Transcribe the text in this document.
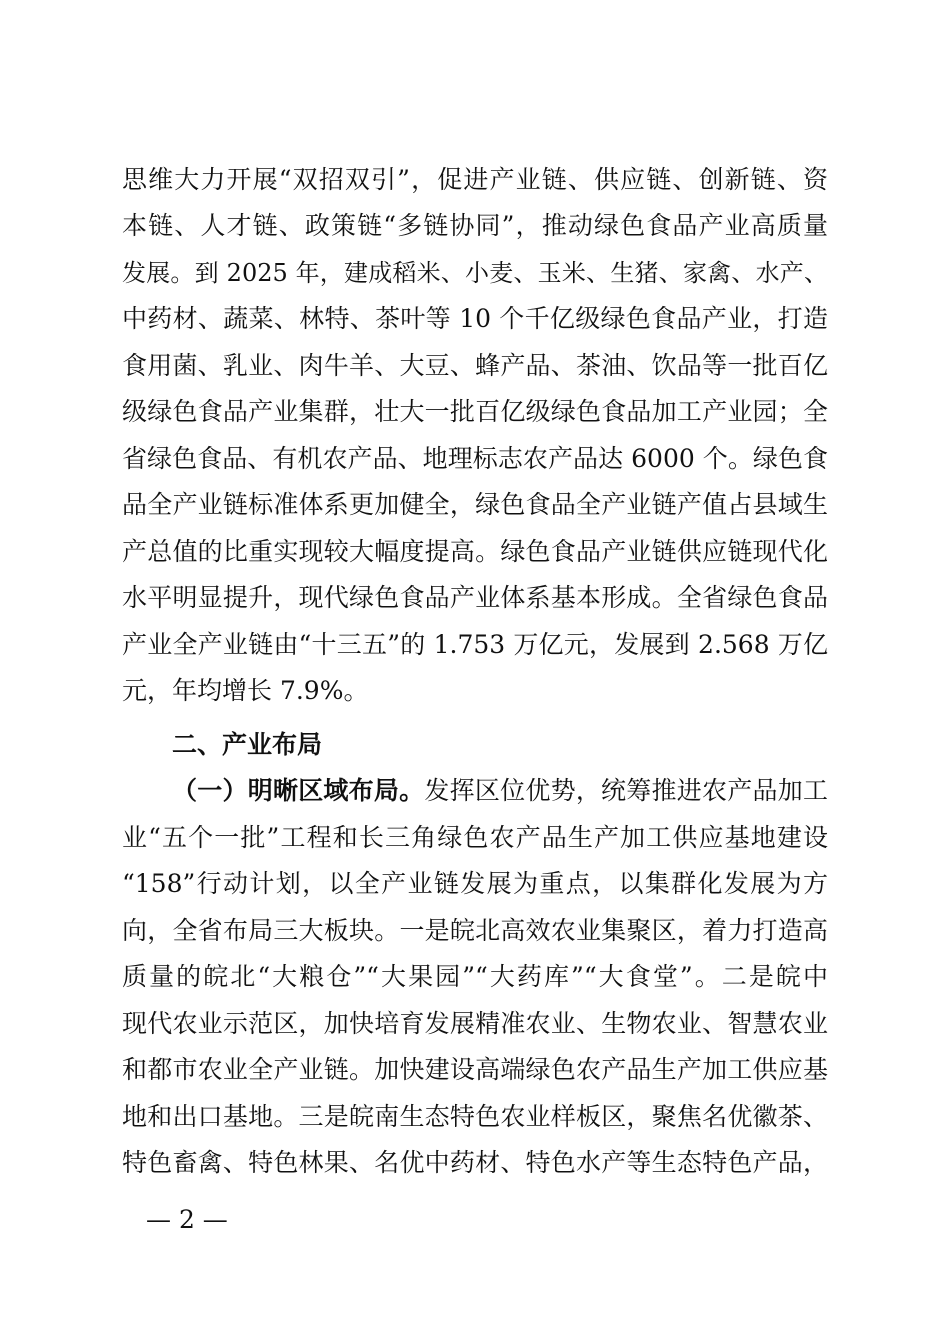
思维大力开展“双招双引”，促进产业链、供应链、创新链、资
本链、人才链、政策链“多链协同”，推动绿色食品产业高质量
发展。到 2025 年，建成稻米、小麦、玉米、生猪、家禽、水产、
中药材、蔬菜、林特、茶叶等 10 个千亿级绿色食品产业，打造
食用菌、乳业、肉牛羊、大豆、蜂产品、茶油、饮品等一批百亿
级绿色食品产业集群，壮大一批百亿级绿色食品加工产业园；全
省绿色食品、有机农产品、地理标志农产品达 6000 个。绿色食
品全产业链标准体系更加健全，绿色食品全产业链产值占县域生
产总值的比重实现较大幅度提高。绿色食品产业链供应链现代化
水平明显提升，现代绿色食品产业体系基本形成。全省绿色食品
产业全产业链由“十三五”的 1.753 万亿元，发展到 2.568 万亿
元，年均增长 7.9%。
二、产业布局
（一）明晰区域布局。发挥区位优势，统筹推进农产品加工
业“五个一批”工程和长三角绿色农产品生产加工供应基地建设
“158”行动计划，以全产业链发展为重点，以集群化发展为方
向，全省布局三大板块。一是皖北高效农业集聚区，着力打造高
质量的皖北“大粮仓”“大果园”“大药库”“大食堂”。二是皖中
现代农业示范区，加快培育发展精准农业、生物农业、智慧农业
和都市农业全产业链。加快建设高端绿色农产品生产加工供应基
地和出口基地。三是皖南生态特色农业样板区，聚焦名优徽茶、
特色畜禽、特色林果、名优中药材、特色水产等生态特色产品，
— 2 —
